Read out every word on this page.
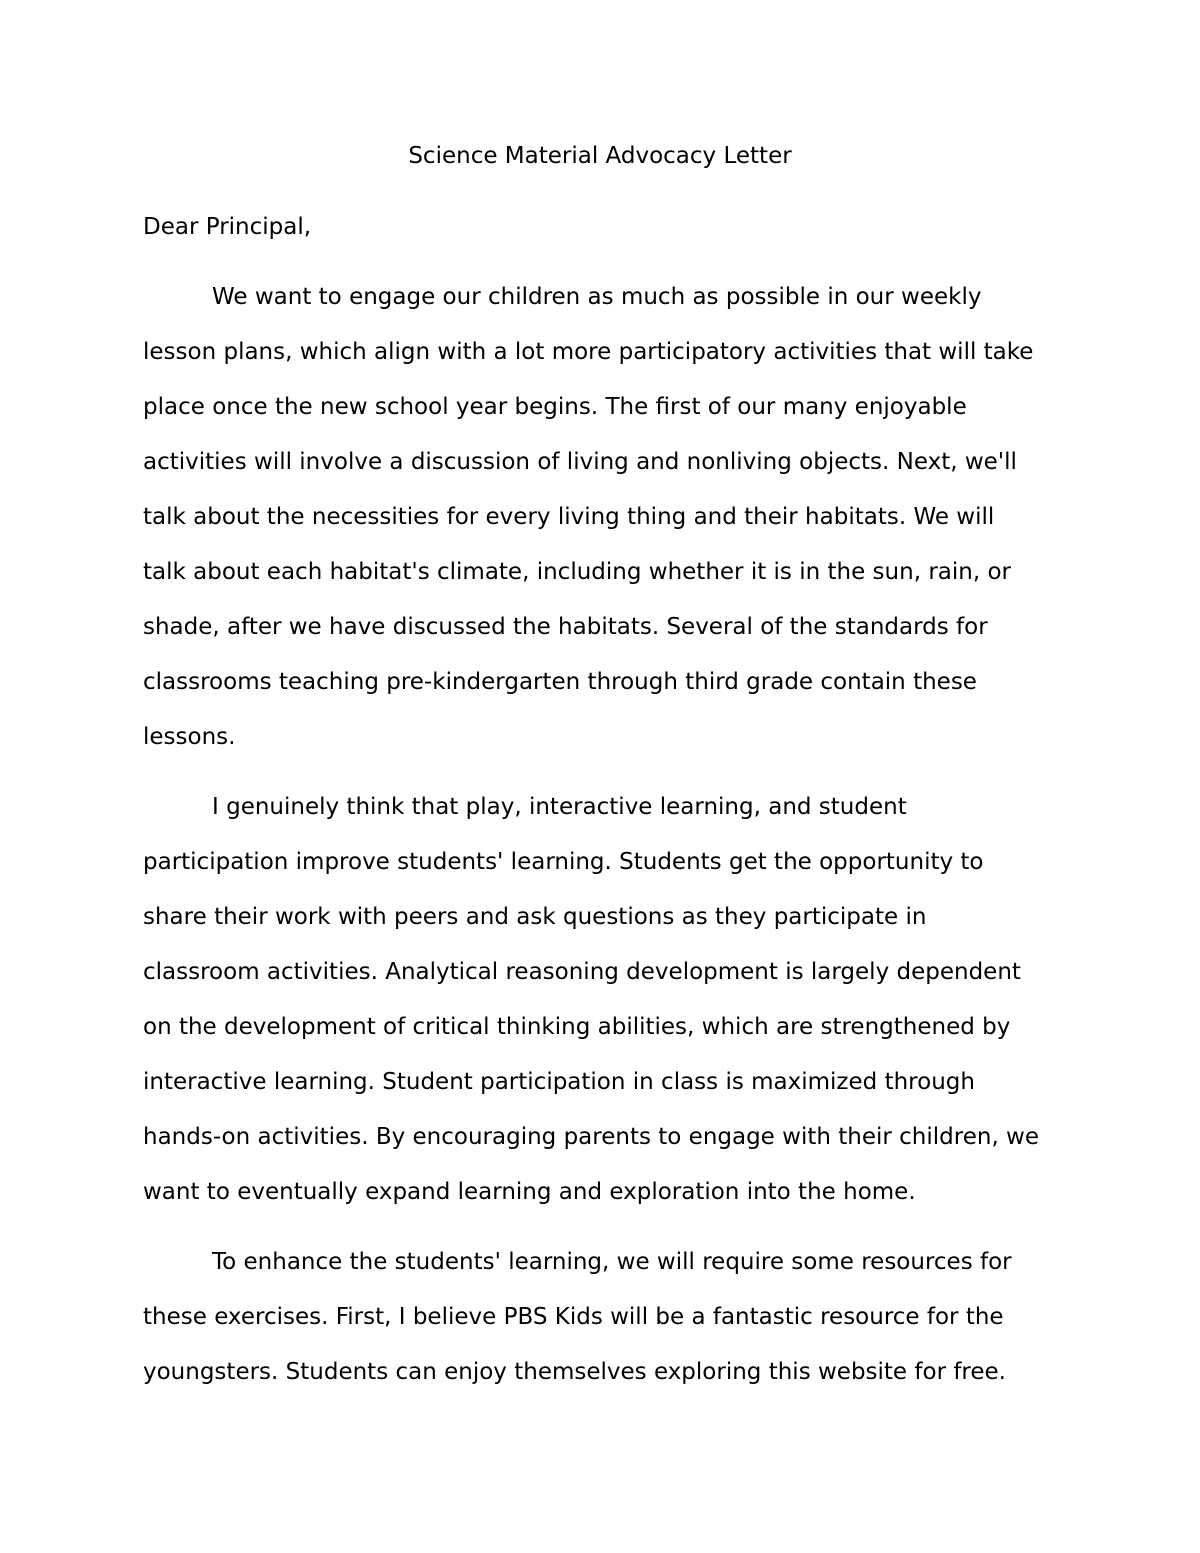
Science Material Advocacy Letter

Dear Principal,

We want to engage our children as much as possible in our weekly

lesson plans, which align with a lot more participatory activities that will take

place once the new school year begins. The first of our many enjoyable

activities will involve a discussion of living and nonliving objects. Next, we'll

talk about the necessities for every living thing and their habitats. We will

talk about each habitat's climate, including whether it is in the sun, rain, or

shade, after we have discussed the habitats. Several of the standards for

classrooms teaching pre-kindergarten through third grade contain these

lessons.

I genuinely think that play, interactive learning, and student

participation improve students' learning. Students get the opportunity to

share their work with peers and ask questions as they participate in

classroom activities. Analytical reasoning development is largely dependent

on the development of critical thinking abilities, which are strengthened by

interactive learning. Student participation in class is maximized through

hands-on activities. By encouraging parents to engage with their children, we

want to eventually expand learning and exploration into the home.

To enhance the students' learning, we will require some resources for

these exercises. First, I believe PBS Kids will be a fantastic resource for the

youngsters. Students can enjoy themselves exploring this website for free.
